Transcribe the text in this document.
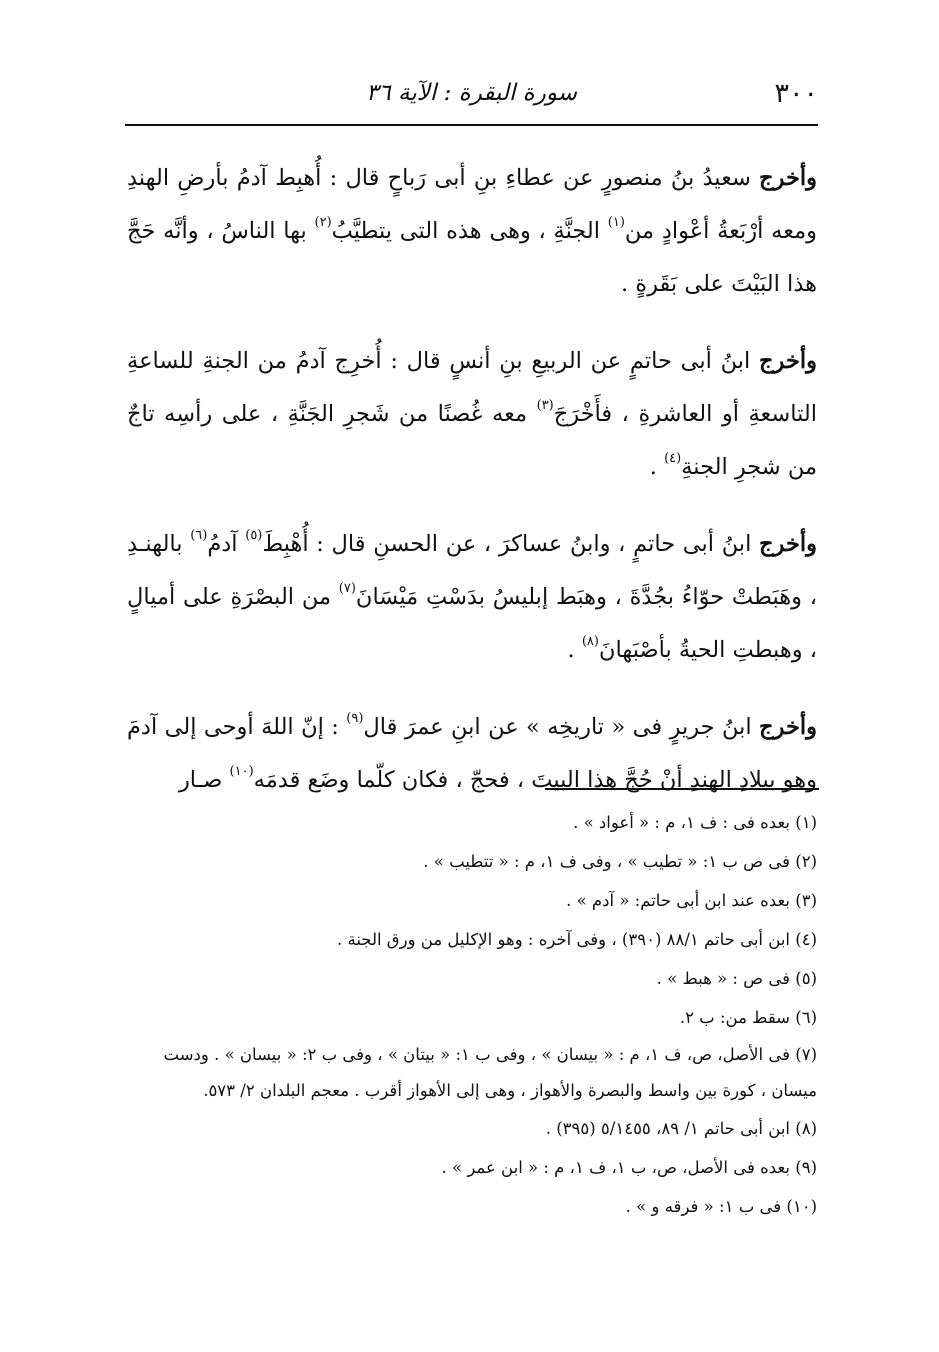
٣٠٠
سورة البقرة : الآية ٣٦

وأخرج سعيدُ بنُ منصورٍ عن عطاءِ بنِ أبى رَباحٍ قال : أُهبِط آدمُ بأرضِ الهندِ ومعه أرْبَعةُ أعْوادٍ من$^{(١)}$ الجنَّةِ ، وهى هذه التى يتطيَّبُ$^{(٢)}$ بها الناسُ ، وأنَّه حَجَّ هذا البَيْتَ على بَقَرةٍ .

وأخرج ابنُ أبى حاتمٍ عن الربيعِ بنِ أنسٍ قال : أُخرِج آدمُ من الجنةِ للساعةِ التاسعةِ أو العاشرةِ ، فأَخْرَجَ$^{(٣)}$ معه غُصنًا من شَجرِ الجَنَّةِ ، على رأسِه تاجٌ من شجرِ الجنةِ$^{(٤)}$ .

وأخرج ابنُ أبى حاتمٍ ، وابنُ عساكرَ ، عن الحسنِ قال : أُهْبِطَ$^{(٥)}$ آدمُ$^{(٦)}$ بالهنـدِ ، وهَبَطتْ حوّاءُ بجُدَّةَ ، وهبَط إبليسُ بدَسْتِ مَيْسَانَ$^{(٧)}$ من البصْرَةِ على أميالٍ ، وهبطتِ الحيةُ بأصْبَهانَ$^{(٨)}$ .

وأخرج ابنُ جريرٍ فى « تاريخِه » عن ابنِ عمرَ قال$^{(٩)}$ : إنّ اللهَ أوحى إلى آدمَ وهو ببلادِ الهندِ أنْ حُجَّ هذا البيتَ ، فحجّ ، فكان كلّما وضَع قدمَه$^{(١٠)}$ صـار

(١) بعده فى : ف ١، م : « أعواد » .

(٢) فى ص ب ١: « تطيب » ، وفى ف ١، م : « تتطيب » .

(٣) بعده عند ابن أبى حاتم: « آدم » .

(٤) ابن أبى حاتم ٨٨/١ (٣٩٠) ، وفى آخره : وهو الإكليل من ورق الجنة .

(٥) فى ص : « هبط » .

(٦) سقط من: ب ٢.

(٧) فى الأصل، ص، ف ١، م : « بيسان » ، وفى ب ١: « بيتان » ، وفى ب ٢: « بيسان » . ودست ميسان ، كورة بين واسط والبصرة والأهواز ، وهى إلى الأهواز أقرب . معجم البلدان ٢/ ٥٧٣.

(٨) ابن أبى حاتم ١/ ٨٩، ٥/١٤٥٥ (٣٩٥) .

(٩) بعده فى الأصل، ص، ب ١، ف ١، م : « ابن عمر » .

(١٠) فى ب ١: « فرقه و » .
